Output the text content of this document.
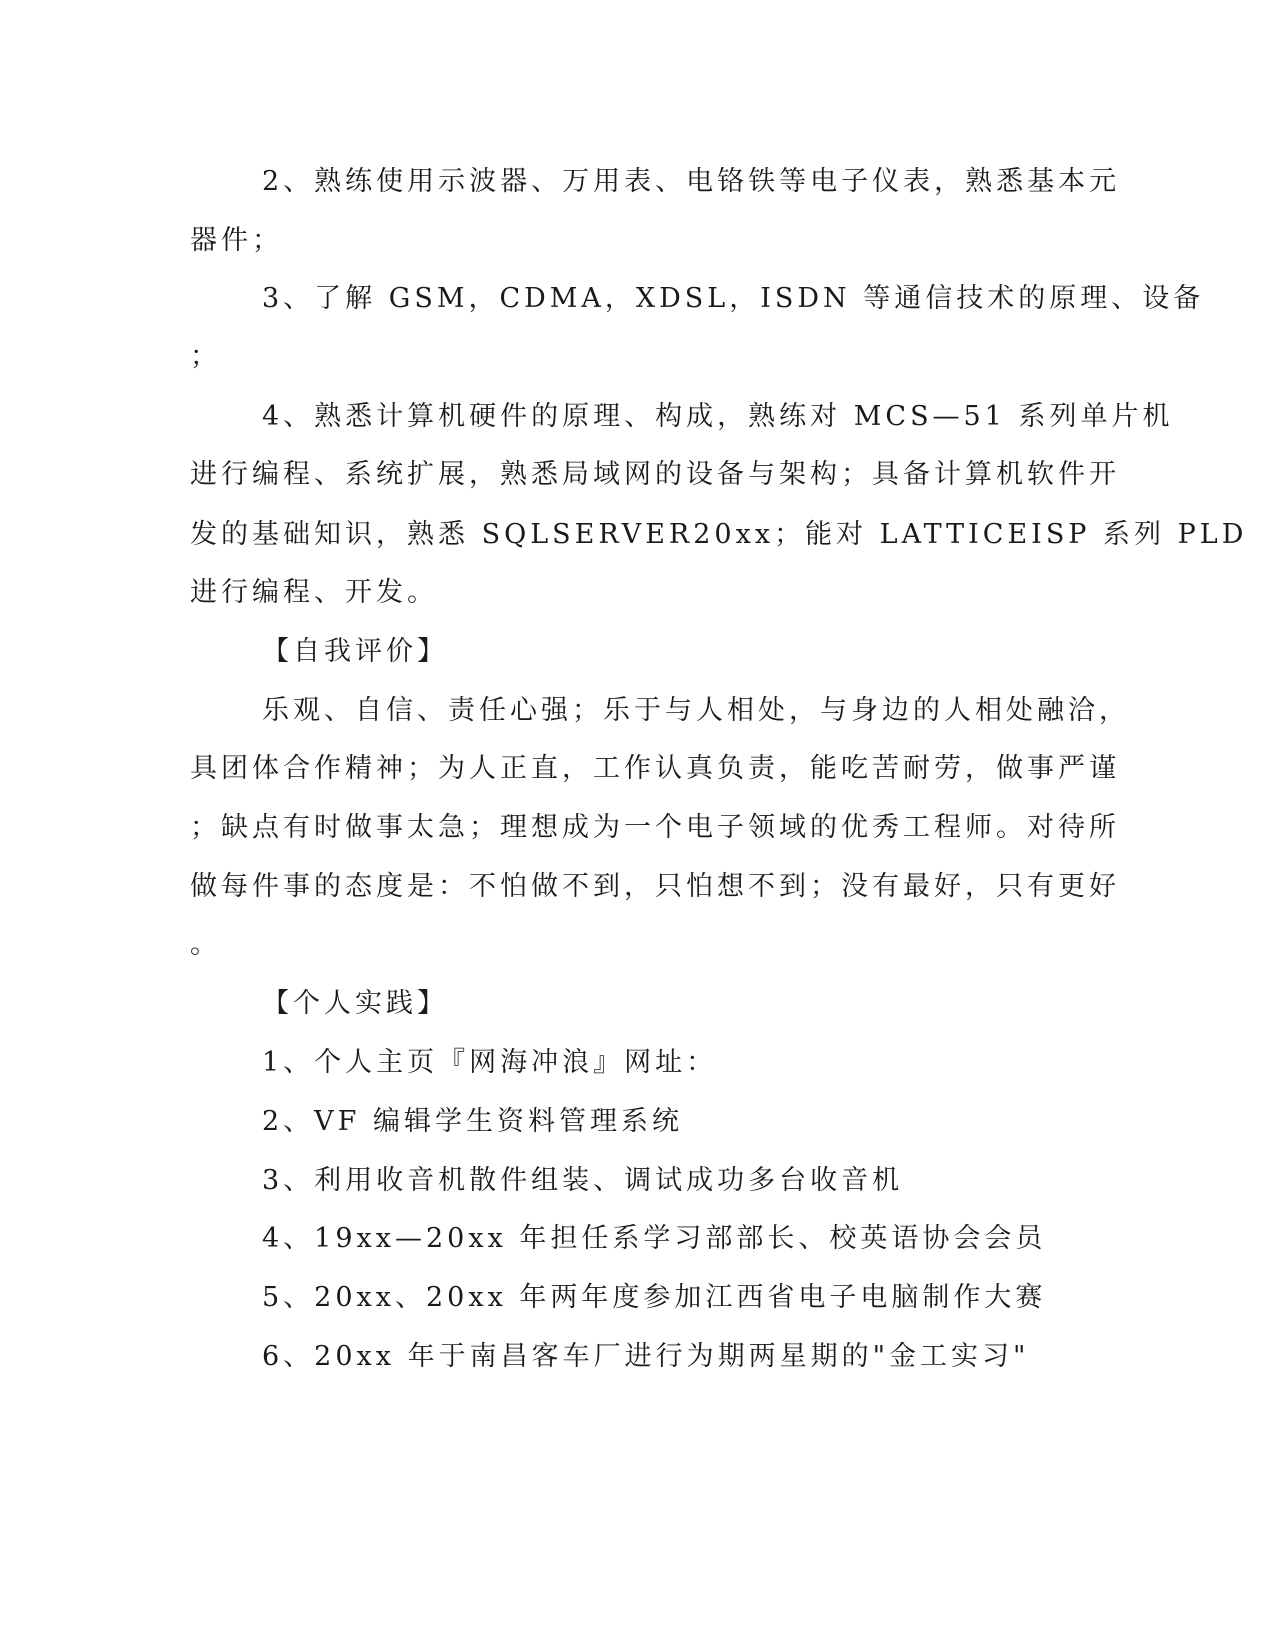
2、熟练使用示波器、万用表、电铬铁等电子仪表，熟悉基本元
器件；
3、了解 GSM，CDMA，XDSL，ISDN 等通信技术的原理、设备
；
4、熟悉计算机硬件的原理、构成，熟练对 MCS—51 系列单片机
进行编程、系统扩展，熟悉局域网的设备与架构；具备计算机软件开
发的基础知识，熟悉 SQLSERVER20xx；能对 LATTICEISP 系列 PLD
进行编程、开发。
【自我评价】
乐观、自信、责任心强；乐于与人相处，与身边的人相处融洽，
具团体合作精神；为人正直，工作认真负责，能吃苦耐劳，做事严谨
；缺点有时做事太急；理想成为一个电子领域的优秀工程师。对待所
做每件事的态度是：不怕做不到，只怕想不到；没有最好，只有更好
。
【个人实践】
1、个人主页『网海冲浪』网址：
2、VF 编辑学生资料管理系统
3、利用收音机散件组装、调试成功多台收音机
4、19xx—20xx 年担任系学习部部长、校英语协会会员
5、20xx、20xx 年两年度参加江西省电子电脑制作大赛
6、20xx 年于南昌客车厂进行为期两星期的"金工实习"
